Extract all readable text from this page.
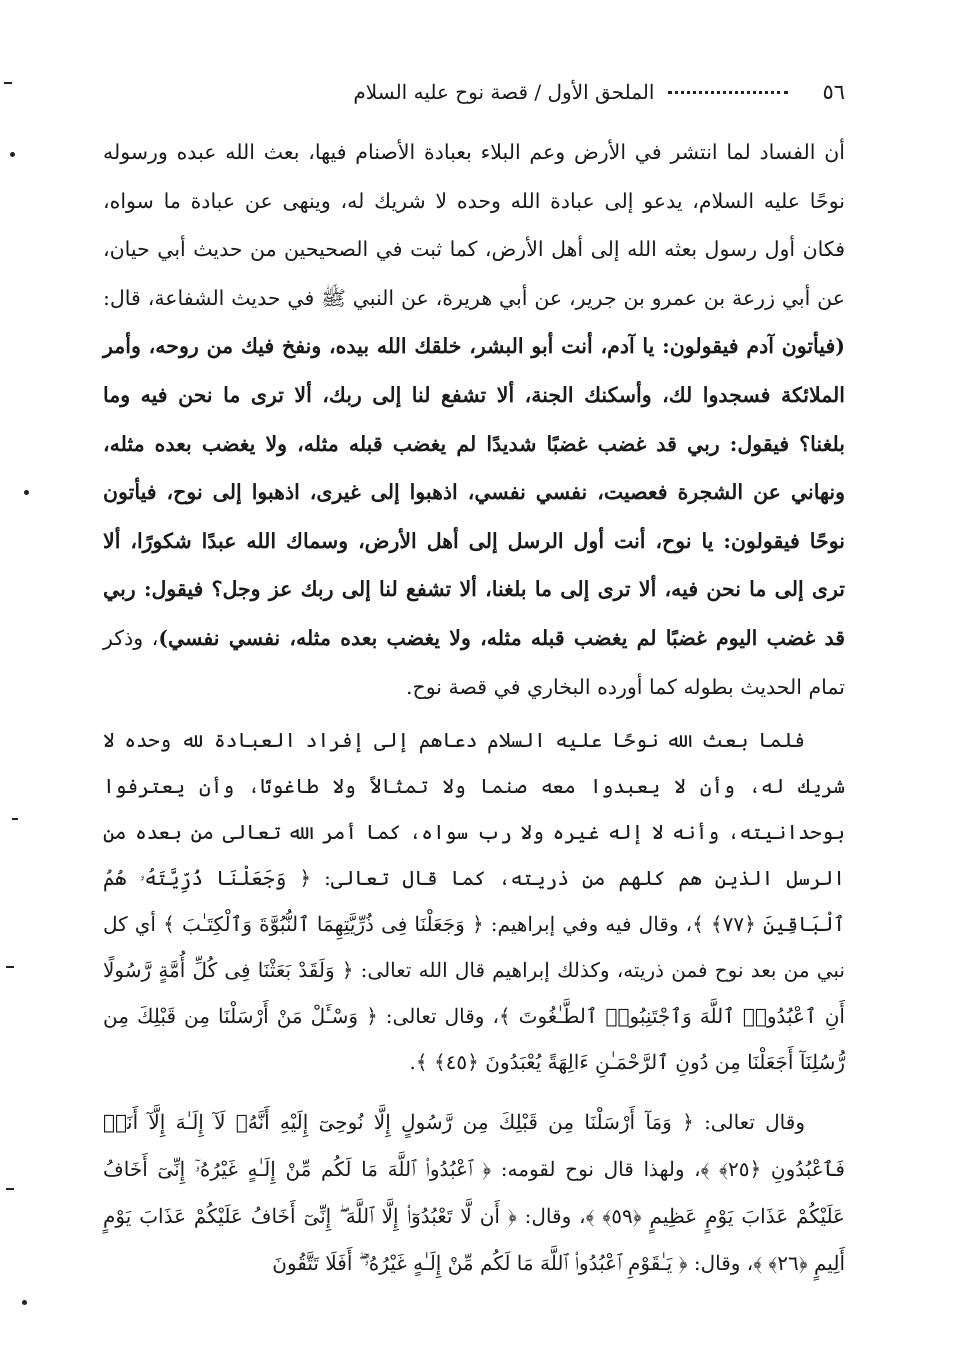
٥٦
الملحق الأول / قصة نوح عليه السلام

أن الفساد لما انتشر في الأرض وعم البلاء بعبادة الأصنام فيها، بعث الله عبده ورسوله نوحًا عليه السلام، يدعو إلى عبادة الله وحده لا شريك له، وينهى عن عبادة ما سواه، فكان أول رسول بعثه الله إلى أهل الأرض، كما ثبت في الصحيحين من حديث أبي حيان، عن أبي زرعة بن عمرو بن جرير، عن أبي هريرة، عن النبي ﷺ في حديث الشفاعة، قال: (فيأتون آدم فيقولون: يا آدم، أنت أبو البشر، خلقك الله بيده، ونفخ فيك من روحه، وأمر الملائكة فسجدوا لك، وأسكنك الجنة، ألا تشفع لنا إلى ربك، ألا ترى ما نحن فيه وما بلغنا؟ فيقول: ربي قد غضب غضبًا شديدًا لم يغضب قبله مثله، ولا يغضب بعده مثله، ونهاني عن الشجرة فعصيت، نفسي نفسي، اذهبوا إلى غيرى، اذهبوا إلى نوح، فيأتون نوحًا فيقولون: يا نوح، أنت أول الرسل إلى أهل الأرض، وسماك الله عبدًا شكورًا، ألا ترى إلى ما نحن فيه، ألا ترى إلى ما بلغنا، ألا تشفع لنا إلى ربك عز وجل؟ فيقول: ربي قد غضب اليوم غضبًا لم يغضب قبله مثله، ولا يغضب بعده مثله، نفسي نفسي)، وذكر تمام الحديث بطوله كما أورده البخاري في قصة نوح.

فلما بعث الله نوحًا عليه السلام دعاهم إلى إفراد العبادة لله وحده لا شريك له، وأن لا يعبدوا معه صنما ولا تمثالاً ولا طاغوتًا، وأن يعترفوا بوحدانيته، وأنه لا إله غيره ولا رب سواه، كما أمر الله تعالى من بعده من الرسل الذين هم كلهم من ذريته، كما قال تعالى: ﴿ وَجَعَلْنَا ذُرِّيَّتَهُۥ هُمُ ٱلْبَاقِينَ ﴿٧٧﴾ ﴾، وقال فيه وفي إبراهيم: ﴿ وَجَعَلْنَا فِى ذُرِّيَّتِهِمَا ٱلنُّبُوَّةَ وَٱلْكِتَـٰبَ ﴾ أي كل نبي من بعد نوح فمن ذريته، وكذلك إبراهيم قال الله تعالى: ﴿ وَلَقَدْ بَعَثْنَا فِى كُلِّ أُمَّةٍ رَّسُولًا أَنِ ٱعْبُدُوا۟ ٱللَّهَ وَٱجْتَنِبُوا۟ ٱلطَّـٰغُوتَ ﴾، وقال تعالى: ﴿ وَسْـَٔلْ مَنْ أَرْسَلْنَا مِن قَبْلِكَ مِن رُّسُلِنَآ أَجَعَلْنَا مِن دُونِ ٱلرَّحْمَـٰنِ ءَالِهَةً يُعْبَدُونَ ﴿٤٥﴾ ﴾.

وقال تعالى: ﴿ وَمَآ أَرْسَلْنَا مِن قَبْلِكَ مِن رَّسُولٍ إِلَّا نُوحِىٓ إِلَيْهِ أَنَّهُۥ لَآ إِلَـٰهَ إِلَّآ أَنَا۠ فَٱعْبُدُونِ ﴿٢٥﴾ ﴾، ولهذا قال نوح لقومه: ﴿ ٱعْبُدُوا۟ ٱللَّهَ مَا لَكُم مِّنْ إِلَـٰهٍ غَيْرُهُۥٓ إِنِّىٓ أَخَافُ عَلَيْكُمْ عَذَابَ يَوْمٍ عَظِيمٍ ﴿٥٩﴾ ﴾، وقال: ﴿ أَن لَّا تَعْبُدُوٓا۟ إِلَّا ٱللَّهَ ۖ إِنِّىٓ أَخَافُ عَلَيْكُمْ عَذَابَ يَوْمٍ أَلِيمٍ ﴿٢٦﴾ ﴾، وقال: ﴿ يَـٰقَوْمِ ٱعْبُدُوا۟ ٱللَّهَ مَا لَكُم مِّنْ إِلَـٰهٍ غَيْرُهُۥٓ ۖ أَفَلَا تَتَّقُونَ
